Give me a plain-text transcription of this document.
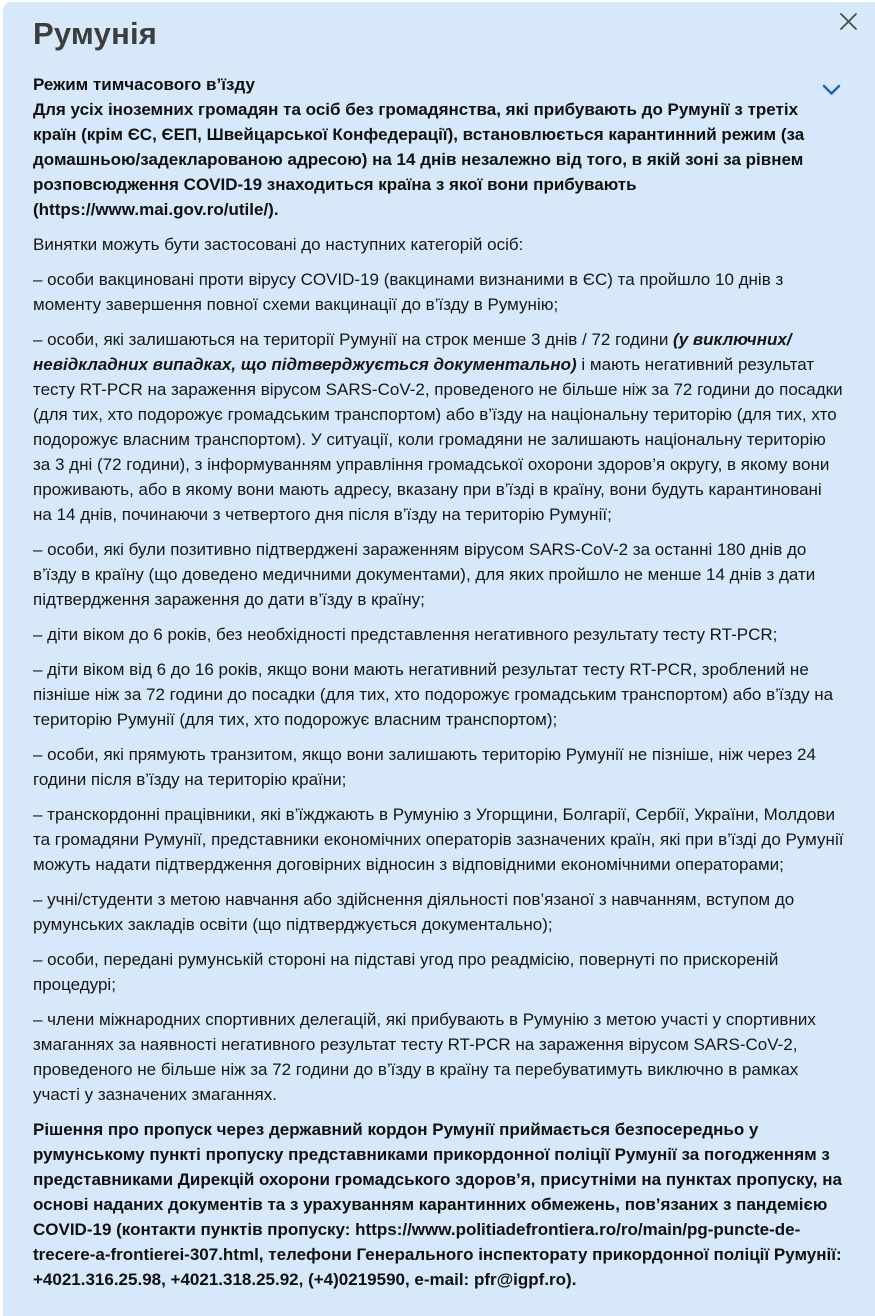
Румунія

Режим тимчасового в’їзду

Для усіх іноземних громадян та осіб без громадянства, які прибувають до Румунії з третіх країн (крім ЄС, ЄЕП, Швейцарської Конфедерації), встановлюється карантинний режим (за домашньою/задекларованою адресою) на 14 днів незалежно від того, в якій зоні за рівнем розповсюдження COVID-19 знаходиться країна з якої вони прибувають (https://www.mai.gov.ro/utile/).

Винятки можуть бути застосовані до наступних категорій осіб:

– особи вакциновані проти вірусу COVID-19 (вакцинами визнаними в ЄС) та пройшло 10 днів з моменту завершення повної схеми вакцинації до в’їзду в Румунію;

– особи, які залишаються на території Румунії на строк менше 3 днів / 72 години (у виключних/невідкладних випадках, що підтверджується документально) і мають негативний результат тесту RT-PCR на зараження вірусом SARS-CoV-2, проведеного не більше ніж за 72 години до посадки (для тих, хто подорожує громадським транспортом) або в’їзду на національну територію (для тих, хто подорожує власним транспортом). У ситуації, коли громадяни не залишають національну територію за 3 дні (72 години), з інформуванням управління громадської охорони здоров’я округу, в якому вони проживають, або в якому вони мають адресу, вказану при в’їзді в країну, вони будуть карантиновані на 14 днів, починаючи з четвертого дня після в’їзду на територію Румунії;

– особи, які були позитивно підтверджені зараженням вірусом SARS-CoV-2 за останні 180 днів до в’їзду в країну (що доведено медичними документами), для яких пройшло не менше 14 днів з дати підтвердження зараження до дати в’їзду в країну;

– діти віком до 6 років, без необхідності представлення негативного результату тесту RT-PCR;

– діти віком від 6 до 16 років, якщо вони мають негативний результат тесту RT-PCR, зроблений не пізніше ніж за 72 години до посадки (для тих, хто подорожує громадським транспортом) або в’їзду на територію Румунії (для тих, хто подорожує власним транспортом);

– особи, які прямують транзитом, якщо вони залишають територію Румунії не пізніше, ніж через 24 години після в’їзду на територію країни;

– транскордонні працівники, які в’їжджають в Румунію з Угорщини, Болгарії, Сербії, України, Молдови та громадяни Румунії, представники економічних операторів зазначених країн, які при в’їзді до Румунії можуть надати підтвердження договірних відносин з відповідними економічними операторами;

– учні/студенти з метою навчання або здійснення діяльності пов’язаної з навчанням, вступом до румунських закладів освіти (що підтверджується документально);

– особи, передані румунській стороні на підставі угод про реадмісію, повернуті по прискореній процедурі;

– члени міжнародних спортивних делегацій, які прибувають в Румунію з метою участі у спортивних змаганнях за наявності негативного результат тесту RT-PCR на зараження вірусом SARS-CoV-2, проведеного не більше ніж за 72 години до в’їзду в країну та перебуватимуть виключно в рамках участі у зазначених змаганнях.

Рішення про пропуск через державний кордон Румунії приймається безпосередньо у румунському пункті пропуску представниками прикордонної поліції Румунії за погодженням з представниками Дирекцій охорони громадського здоров’я, присутніми на пунктах пропуску, на основі наданих документів та з урахуванням карантинних обмежень, пов’язаних з пандемією COVID-19 (контакти пунктів пропуску: https://www.politiadefrontiera.ro/ro/main/pg-puncte-de-trecere-a-frontierei-307.html, телефони Генерального інспекторату прикордонної поліції Румунії: +4021.316.25.98, +4021.318.25.92, (+4)0219590, e-mail: pfr@igpf.ro).
